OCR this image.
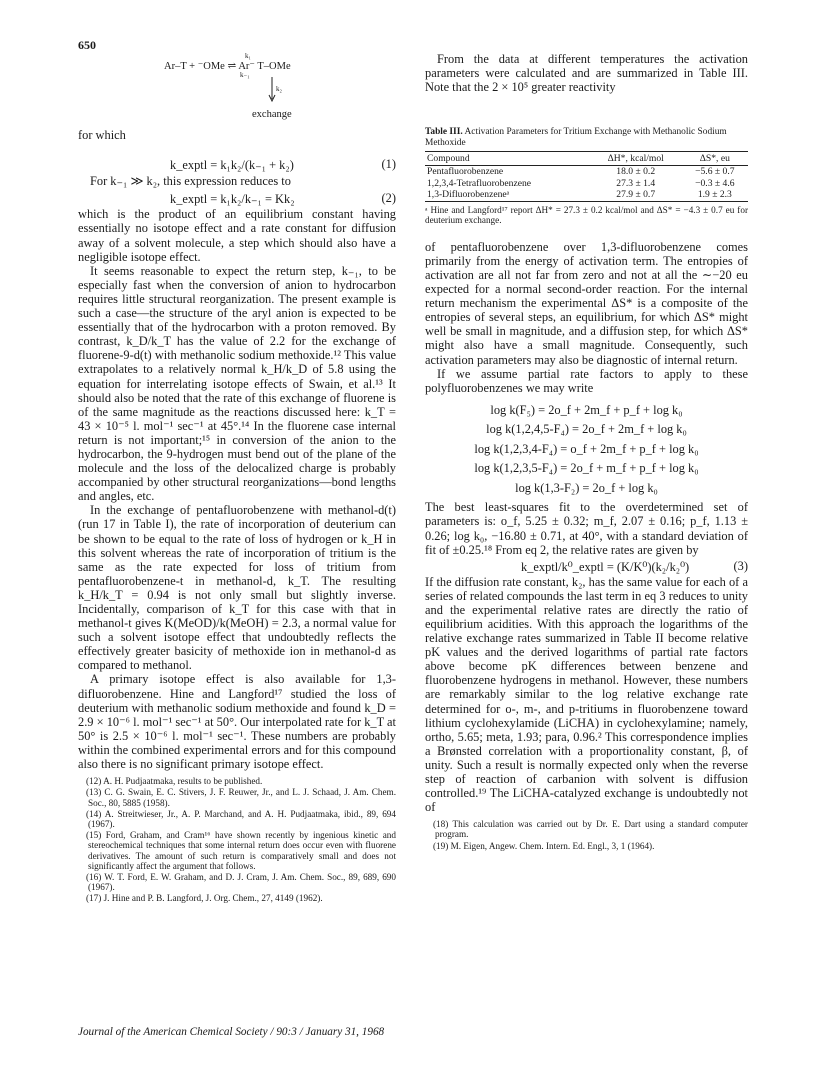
650
k₁
Ar–T + ⁻OMe ⇌ Ar⁻ T–OMe
k₋₁
k₂
exchange

for which

k_exptl = k₁k₂/(k₋₁ + k₂)	(1)

For k₋₁ ≫ k₂, this expression reduces to

k_exptl = k₁k₂/k₋₁ = Kk₂	(2)

which is the product of an equilibrium constant having essentially no isotope effect and a rate constant for diffusion away of a solvent molecule, a step which should also have a negligible isotope effect.

It seems reasonable to expect the return step, k₋₁, to be especially fast when the conversion of anion to hydrocarbon requires little structural reorganization. The present example is such a case—the structure of the aryl anion is expected to be essentially that of the hydrocarbon with a proton removed. By contrast, k_D/k_T has the value of 2.2 for the exchange of fluorene-9-d(t) with methanolic sodium methoxide.¹² This value extrapolates to a relatively normal k_H/k_D of 5.8 using the equation for interrelating isotope effects of Swain, et al.¹³ It should also be noted that the rate of this exchange of fluorene is of the same magnitude as the reactions discussed here: k_T = 43 × 10⁻⁵ l. mol⁻¹ sec⁻¹ at 45°.¹⁴ In the fluorene case internal return is not important;¹⁵ in conversion of the anion to the hydrocarbon, the 9-hydrogen must bend out of the plane of the molecule and the loss of the delocalized charge is probably accompanied by other structural reorganizations—bond lengths and angles, etc.

In the exchange of pentafluorobenzene with methanol-d(t) (run 17 in Table I), the rate of incorporation of deuterium can be shown to be equal to the rate of loss of hydrogen or k_H in this solvent whereas the rate of incorporation of tritium is the same as the rate expected for loss of tritium from pentafluorobenzene-t in methanol-d, k_T. The resulting k_H/k_T = 0.94 is not only small but slightly inverse. Incidentally, comparison of k_T for this case with that in methanol-t gives K(MeOD)/k(MeOH) = 2.3, a normal value for such a solvent isotope effect that undoubtedly reflects the effectively greater basicity of methoxide ion in methanol-d as compared to methanol.

A primary isotope effect is also available for 1,3-difluorobenzene. Hine and Langford¹⁷ studied the loss of deuterium with methanolic sodium methoxide and found k_D = 2.9 × 10⁻⁶ l. mol⁻¹ sec⁻¹ at 50°. Our interpolated rate for k_T at 50° is 2.5 × 10⁻⁶ l. mol⁻¹ sec⁻¹. These numbers are probably within the combined experimental errors and for this compound also there is no significant primary isotope effect.

(12) A. H. Pudjaatmaka, results to be published.

(13) C. G. Swain, E. C. Stivers, J. F. Reuwer, Jr., and L. J. Schaad, J. Am. Chem. Soc., 80, 5885 (1958).

(14) A. Streitwieser, Jr., A. P. Marchand, and A. H. Pudjaatmaka, ibid., 89, 694 (1967).

(15) Ford, Graham, and Cram¹⁶ have shown recently by ingenious kinetic and stereochemical techniques that some internal return does occur even with fluorene derivatives. The amount of such return is comparatively small and does not significantly affect the argument that follows.

(16) W. T. Ford, E. W. Graham, and D. J. Cram, J. Am. Chem. Soc., 89, 689, 690 (1967).

(17) J. Hine and P. B. Langford, J. Org. Chem., 27, 4149 (1962).

From the data at different temperatures the activation parameters were calculated and are summarized in Table III. Note that the 2 × 10⁵ greater reactivity

Table III. Activation Parameters for Tritium Exchange with Methanolic Sodium Methoxide
Compound	ΔH*, kcal/mol	ΔS*, eu
Pentafluorobenzene	18.0 ± 0.2	−5.6 ± 0.7
1,2,3,4-Tetrafluorobenzene	27.3 ± 1.4	−0.3 ± 4.6
1,3-Difluorobenzeneᵃ	27.9 ± 0.7	1.9 ± 2.3

ᵃ Hine and Langford¹⁷ report ΔH* = 27.3 ± 0.2 kcal/mol and ΔS* = −4.3 ± 0.7 eu for deuterium exchange.

of pentafluorobenzene over 1,3-difluorobenzene comes primarily from the energy of activation term. The entropies of activation are all not far from zero and not at all the ∼−20 eu expected for a normal second-order reaction. For the internal return mechanism the experimental ΔS* is a composite of the entropies of several steps, an equilibrium, for which ΔS* might well be small in magnitude, and a diffusion step, for which ΔS* might also have a small magnitude. Consequently, such activation parameters may also be diagnostic of internal return.

If we assume partial rate factors to apply to these polyfluorobenzenes we may write

log k(F₅) = 2o_f + 2m_f + p_f + log k₀
log k(1,2,4,5-F₄) = 2o_f + 2m_f + log k₀
log k(1,2,3,4-F₄) = o_f + 2m_f + p_f + log k₀
log k(1,2,3,5-F₄) = 2o_f + m_f + p_f + log k₀
log k(1,3-F₂) = 2o_f + log k₀

The best least-squares fit to the overdetermined set of parameters is: o_f, 5.25 ± 0.32; m_f, 2.07 ± 0.16; p_f, 1.13 ± 0.26; log k₀, −16.80 ± 0.71, at 40°, with a standard deviation of fit of ±0.25.¹⁸ From eq 2, the relative rates are given by

k_exptl/k⁰_exptl = (K/K⁰)(k₂/k₂⁰)	(3)

If the diffusion rate constant, k₂, has the same value for each of a series of related compounds the last term in eq 3 reduces to unity and the experimental relative rates are directly the ratio of equilibrium acidities. With this approach the logarithms of the relative exchange rates summarized in Table II become relative pK values and the derived logarithms of partial rate factors above become pK differences between benzene and fluorobenzene hydrogens in methanol. However, these numbers are remarkably similar to the log relative exchange rate determined for o-, m-, and p-tritiums in fluorobenzene toward lithium cyclohexylamide (LiCHA) in cyclohexylamine; namely, ortho, 5.65; meta, 1.93; para, 0.96.² This correspondence implies a Brønsted correlation with a proportionality constant, β, of unity. Such a result is normally expected only when the reverse step of reaction of carbanion with solvent is diffusion controlled.¹⁹ The LiCHA-catalyzed exchange is undoubtedly not of

(18) This calculation was carried out by Dr. E. Dart using a standard computer program.

(19) M. Eigen, Angew. Chem. Intern. Ed. Engl., 3, 1 (1964).

Journal of the American Chemical Society / 90:3 / January 31, 1968
